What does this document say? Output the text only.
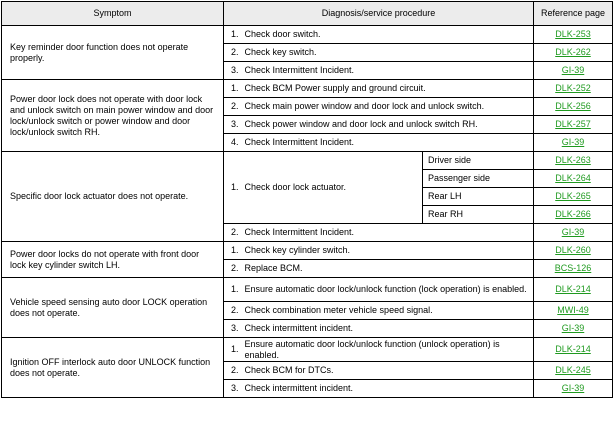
Symptom	Diagnosis/service procedure			Reference page
Key reminder door function does not operate properly.	1.	Check door switch.		DLK-253
	2.	Check key switch.		DLK-262
	3.	Check Intermittent Incident.		GI-39
Power door lock does not operate with door lock and unlock switch on main power window and door lock/unlock switch or power window and door lock/unlock switch RH.	1.	Check BCM Power supply and ground circuit.		DLK-252
	2.	Check main power window and door lock and unlock switch.		DLK-256
	3.	Check power window and door lock and unlock switch RH.		DLK-257
	4.	Check Intermittent Incident.		GI-39
Specific door lock actuator does not operate.	1.	Check door lock actuator.	Driver side	DLK-263
			Passenger side	DLK-264
			Rear LH	DLK-265
			Rear RH	DLK-266
	2.	Check Intermittent Incident.		GI-39
Power door locks do not operate with front door lock key cylinder switch LH.	1.	Check key cylinder switch.		DLK-260
	2.	Replace BCM.		BCS-126
Vehicle speed sensing auto door LOCK operation does not operate.	1.	Ensure automatic door lock/unlock function (lock operation) is enabled.		DLK-214
	2.	Check combination meter vehicle speed signal.		MWI-49
	3.	Check intermittent incident.		GI-39
Ignition OFF interlock auto door UNLOCK function does not operate.	1.	Ensure automatic door lock/unlock function (unlock operation) is enabled.		DLK-214
	2.	Check BCM for DTCs.		DLK-245
	3.	Check intermittent incident.		GI-39
